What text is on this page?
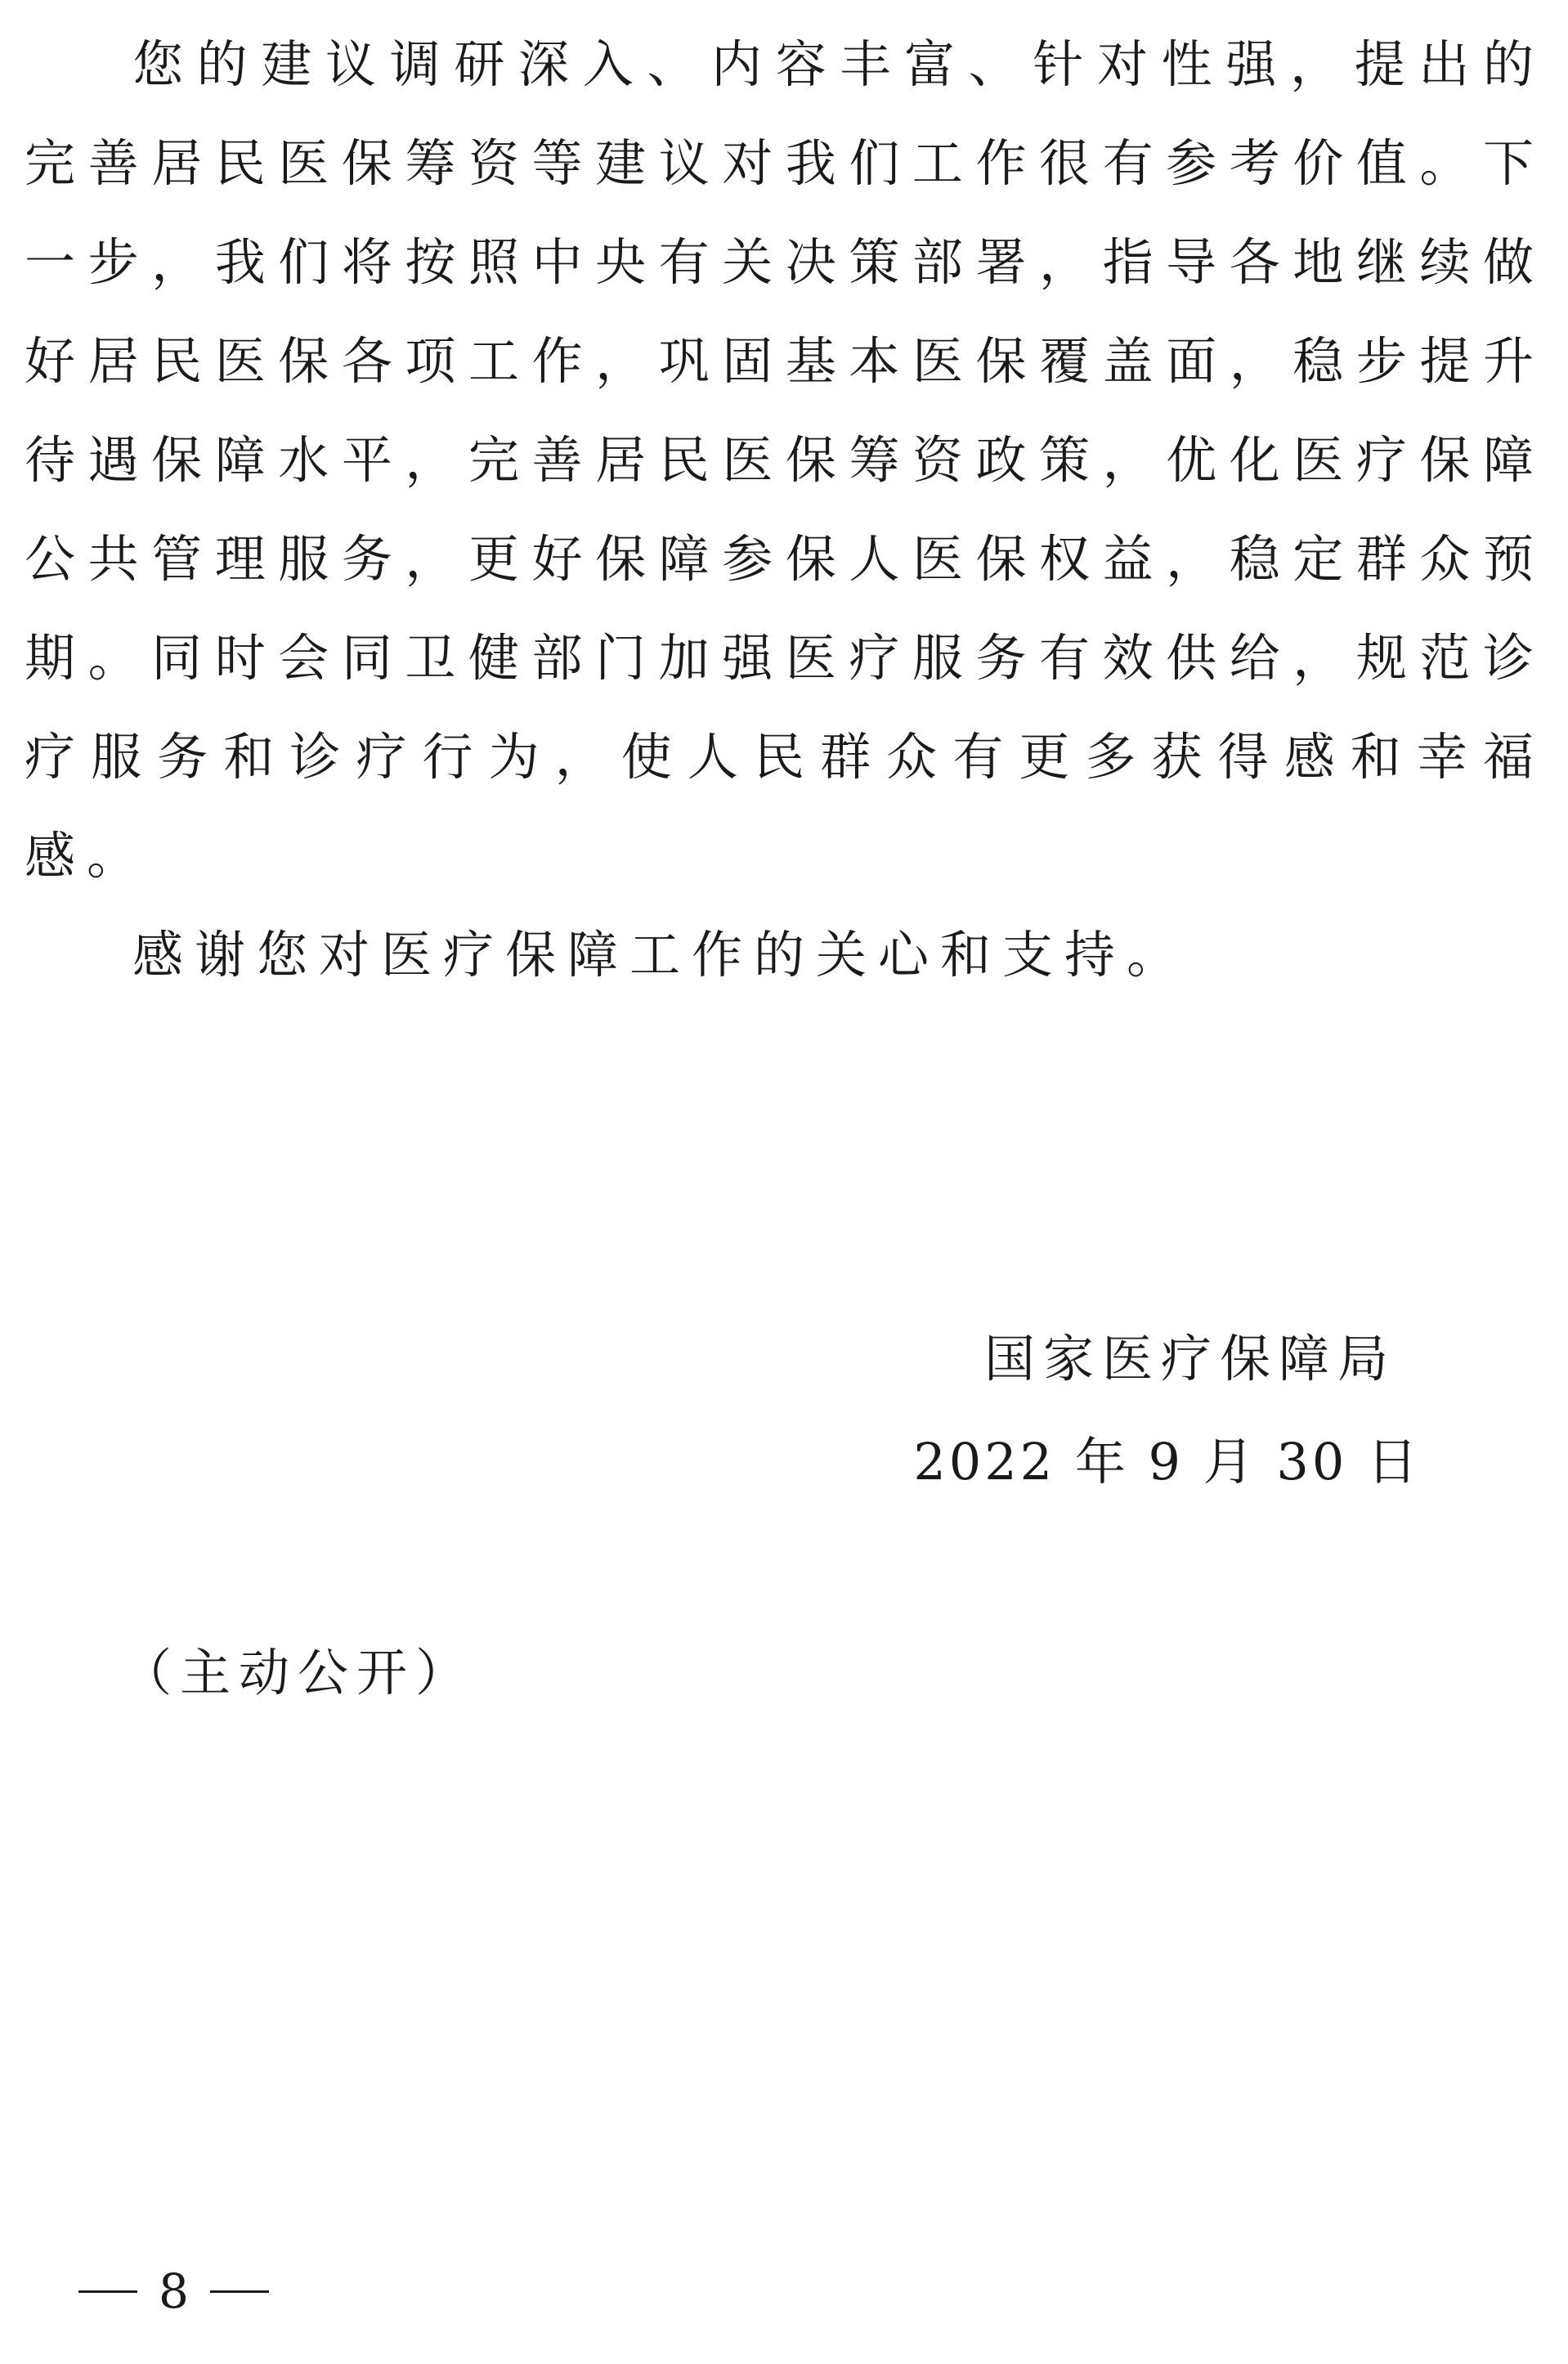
您的建议调研深入、内容丰富、针对性强，提出的完善居民医保筹资等建议对我们工作很有参考价值。下一步，我们将按照中央有关决策部署，指导各地继续做好居民医保各项工作，巩固基本医保覆盖面，稳步提升待遇保障水平，完善居民医保筹资政策，优化医疗保障公共管理服务，更好保障参保人医保权益，稳定群众预期。同时会同卫健部门加强医疗服务有效供给，规范诊疗服务和诊疗行为，使人民群众有更多获得感和幸福感。

感谢您对医疗保障工作的关心和支持。

国家医疗保障局
2022 年 9 月 30 日
（主动公开）
8
